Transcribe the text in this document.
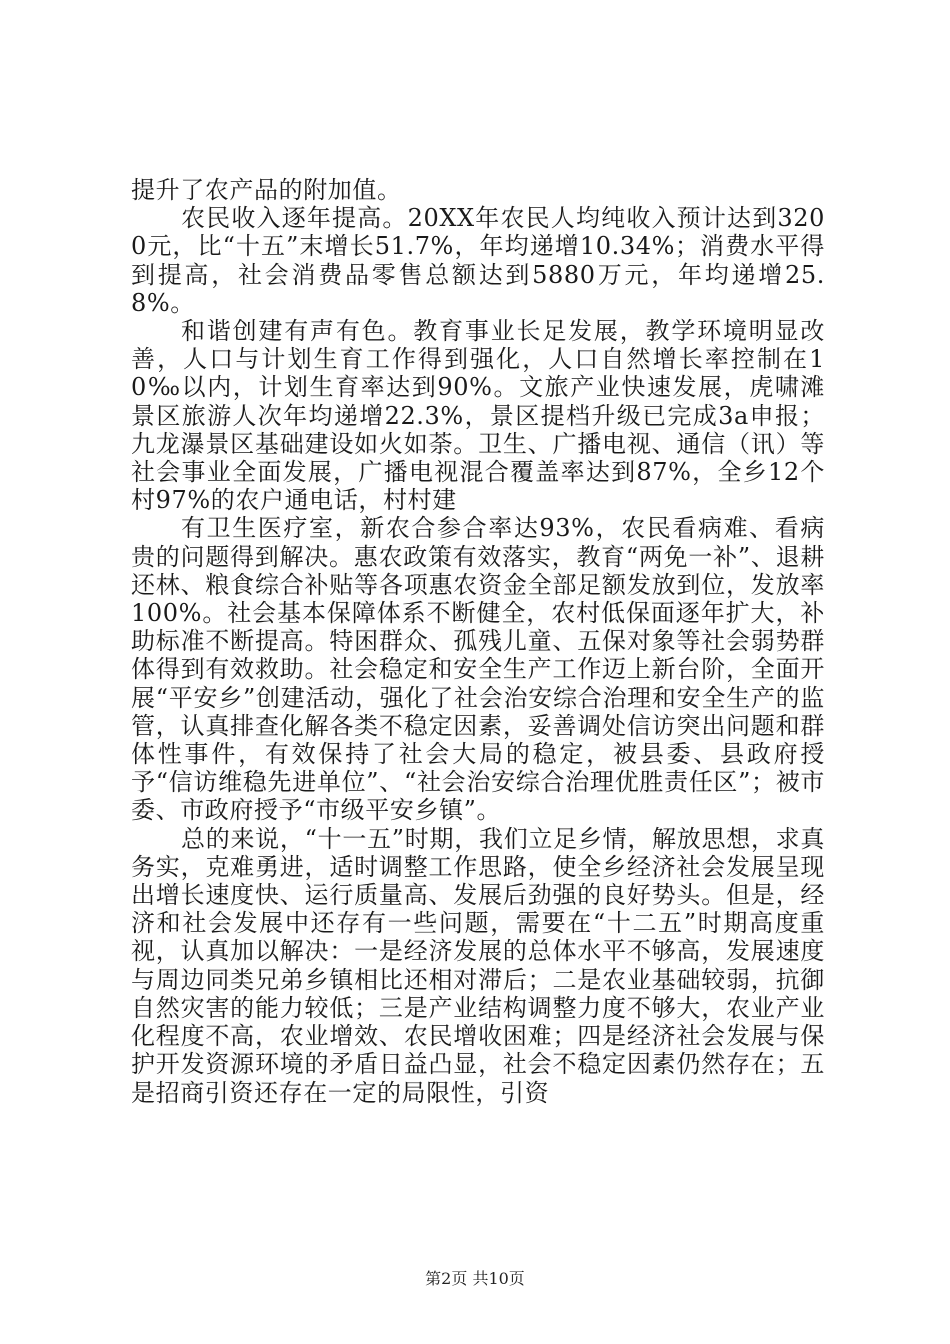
提升了农产品的附加值。

农民收入逐年提高。20XX年农民人均纯收入预计达到3200元，比“十五”末增长51.7%，年均递增10.34%；消费水平得到提高，社会消费品零售总额达到5880万元，年均递增25.8%。

和谐创建有声有色。教育事业长足发展，教学环境明显改善，人口与计划生育工作得到强化，人口自然增长率控制在10‰以内，计划生育率达到90%。文旅产业快速发展，虎啸滩景区旅游人次年均递增22.3%，景区提档升级已完成3a申报；九龙瀑景区基础建设如火如荼。卫生、广播电视、通信（讯）等社会事业全面发展，广播电视混合覆盖率达到87%，全乡12个村97%的农户通电话，村村建

有卫生医疗室，新农合参合率达93%，农民看病难、看病贵的问题得到解决。惠农政策有效落实，教育“两免一补”、退耕还林、粮食综合补贴等各项惠农资金全部足额发放到位，发放率100%。社会基本保障体系不断健全，农村低保面逐年扩大，补助标准不断提高。特困群众、孤残儿童、五保对象等社会弱势群体得到有效救助。社会稳定和安全生产工作迈上新台阶，全面开展“平安乡”创建活动，强化了社会治安综合治理和安全生产的监管，认真排查化解各类不稳定因素，妥善调处信访突出问题和群体性事件，有效保持了社会大局的稳定，被县委、县政府授予“信访维稳先进单位”、“社会治安综合治理优胜责任区”；被市委、市政府授予“市级平安乡镇”。

总的来说，“十一五”时期，我们立足乡情，解放思想，求真务实，克难勇进，适时调整工作思路，使全乡经济社会发展呈现出增长速度快、运行质量高、发展后劲强的良好势头。但是，经济和社会发展中还存有一些问题，需要在“十二五”时期高度重视，认真加以解决：一是经济发展的总体水平不够高，发展速度与周边同类兄弟乡镇相比还相对滞后；二是农业基础较弱，抗御自然灾害的能力较低；三是产业结构调整力度不够大，农业产业化程度不高，农业增效、农民增收困难；四是经济社会发展与保护开发资源环境的矛盾日益凸显，社会不稳定因素仍然存在；五是招商引资还存在一定的局限性，引资

第2页 共10页
